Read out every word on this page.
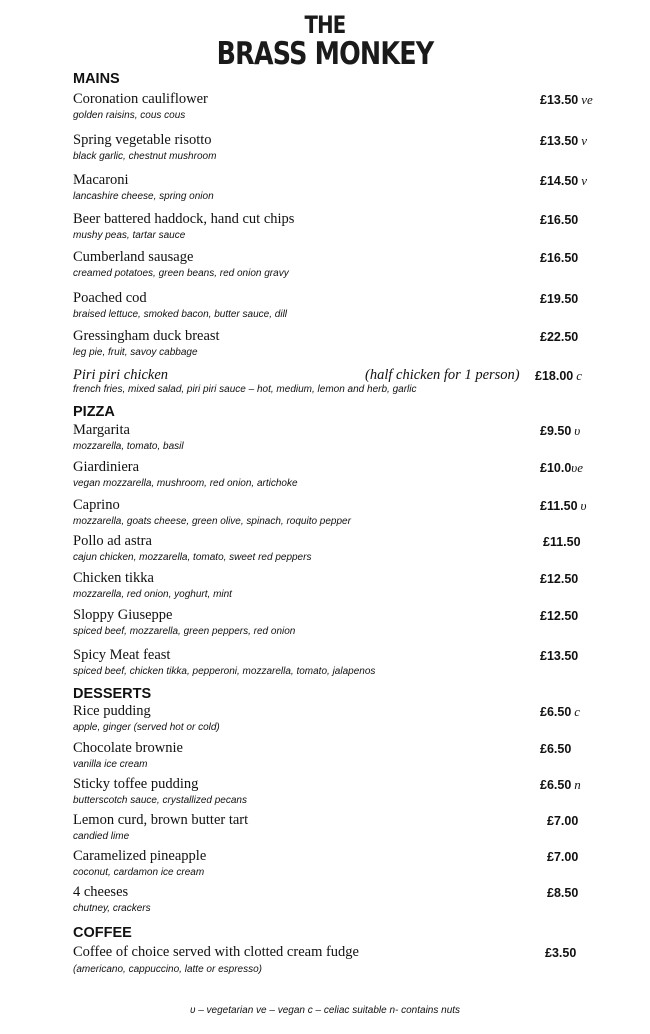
THE
BRASS MONKEY
MAINS
Coronation cauliflower	£13.50 ve
golden raisins, cous cous
Spring vegetable risotto	£13.50 v
black garlic, chestnut mushroom
Macaroni	£14.50 v
lancashire cheese, spring onion
Beer battered haddock, hand cut chips	£16.50
mushy peas, tartar sauce
Cumberland sausage	£16.50
creamed potatoes, green beans, red onion gravy
Poached cod	£19.50
braised lettuce, smoked bacon, butter sauce, dill
Gressingham duck breast	£22.50
leg pie, fruit, savoy cabbage
Piri piri chicken	(half chicken for 1 person) £18.00 c
french fries, mixed salad, piri piri sauce – hot, medium, lemon and herb, garlic
PIZZA
Margarita	£9.50 υ
mozzarella, tomato, basil
Giardiniera	£10.0υe
vegan mozzarella, mushroom, red onion, artichoke
Caprino	£11.50 υ
mozzarella, goats cheese, green olive, spinach, roquito pepper
Pollo ad astra	£11.50
cajun chicken, mozzarella, tomato, sweet red peppers
Chicken tikka	£12.50
mozzarella, red onion, yoghurt, mint
Sloppy Giuseppe	£12.50
spiced beef, mozzarella, green peppers, red onion
Spicy Meat feast	£13.50
spiced beef, chicken tikka, pepperoni, mozzarella, tomato, jalapenos
DESSERTS
Rice pudding	£6.50 c
apple, ginger (served hot or cold)
Chocolate brownie	£6.50
vanilla ice cream
Sticky toffee pudding	£6.50 n
butterscotch sauce, crystallized pecans
Lemon curd, brown butter tart	£7.00
candied lime
Caramelized pineapple	£7.00
coconut, cardamon ice cream
4 cheeses	£8.50
chutney, crackers
COFFEE
Coffee of choice served with clotted cream fudge	£3.50
(americano, cappuccino, latte or espresso)
υ – vegetarian ve – vegan c – celiac suitable n- contains nuts
